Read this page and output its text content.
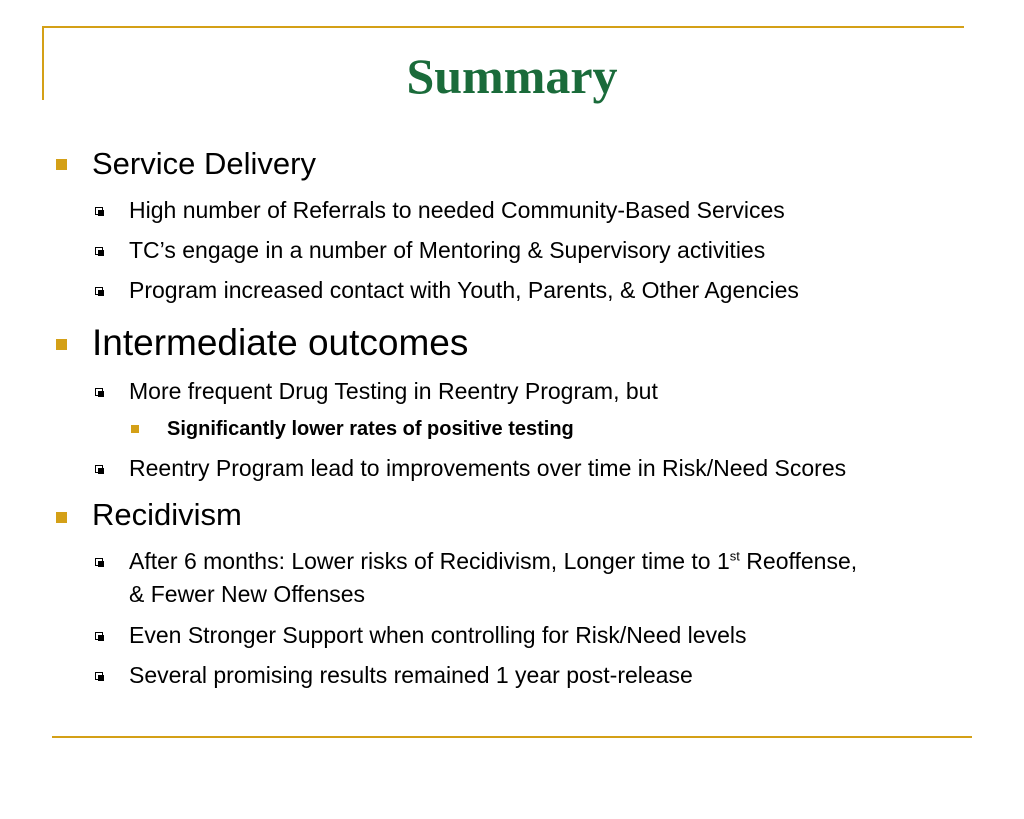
Summary
Service Delivery
High number of Referrals to needed Community-Based Services
TC’s engage in a number of Mentoring & Supervisory activities
Program increased contact with Youth, Parents, & Other Agencies
Intermediate outcomes
More frequent Drug Testing in Reentry Program, but
Significantly lower rates of positive testing
Reentry Program lead to improvements over time in Risk/Need Scores
Recidivism
After 6 months: Lower risks of Recidivism, Longer time to 1st Reoffense,
& Fewer New Offenses
Even Stronger Support when controlling for Risk/Need levels
Several promising results remained 1 year post-release
